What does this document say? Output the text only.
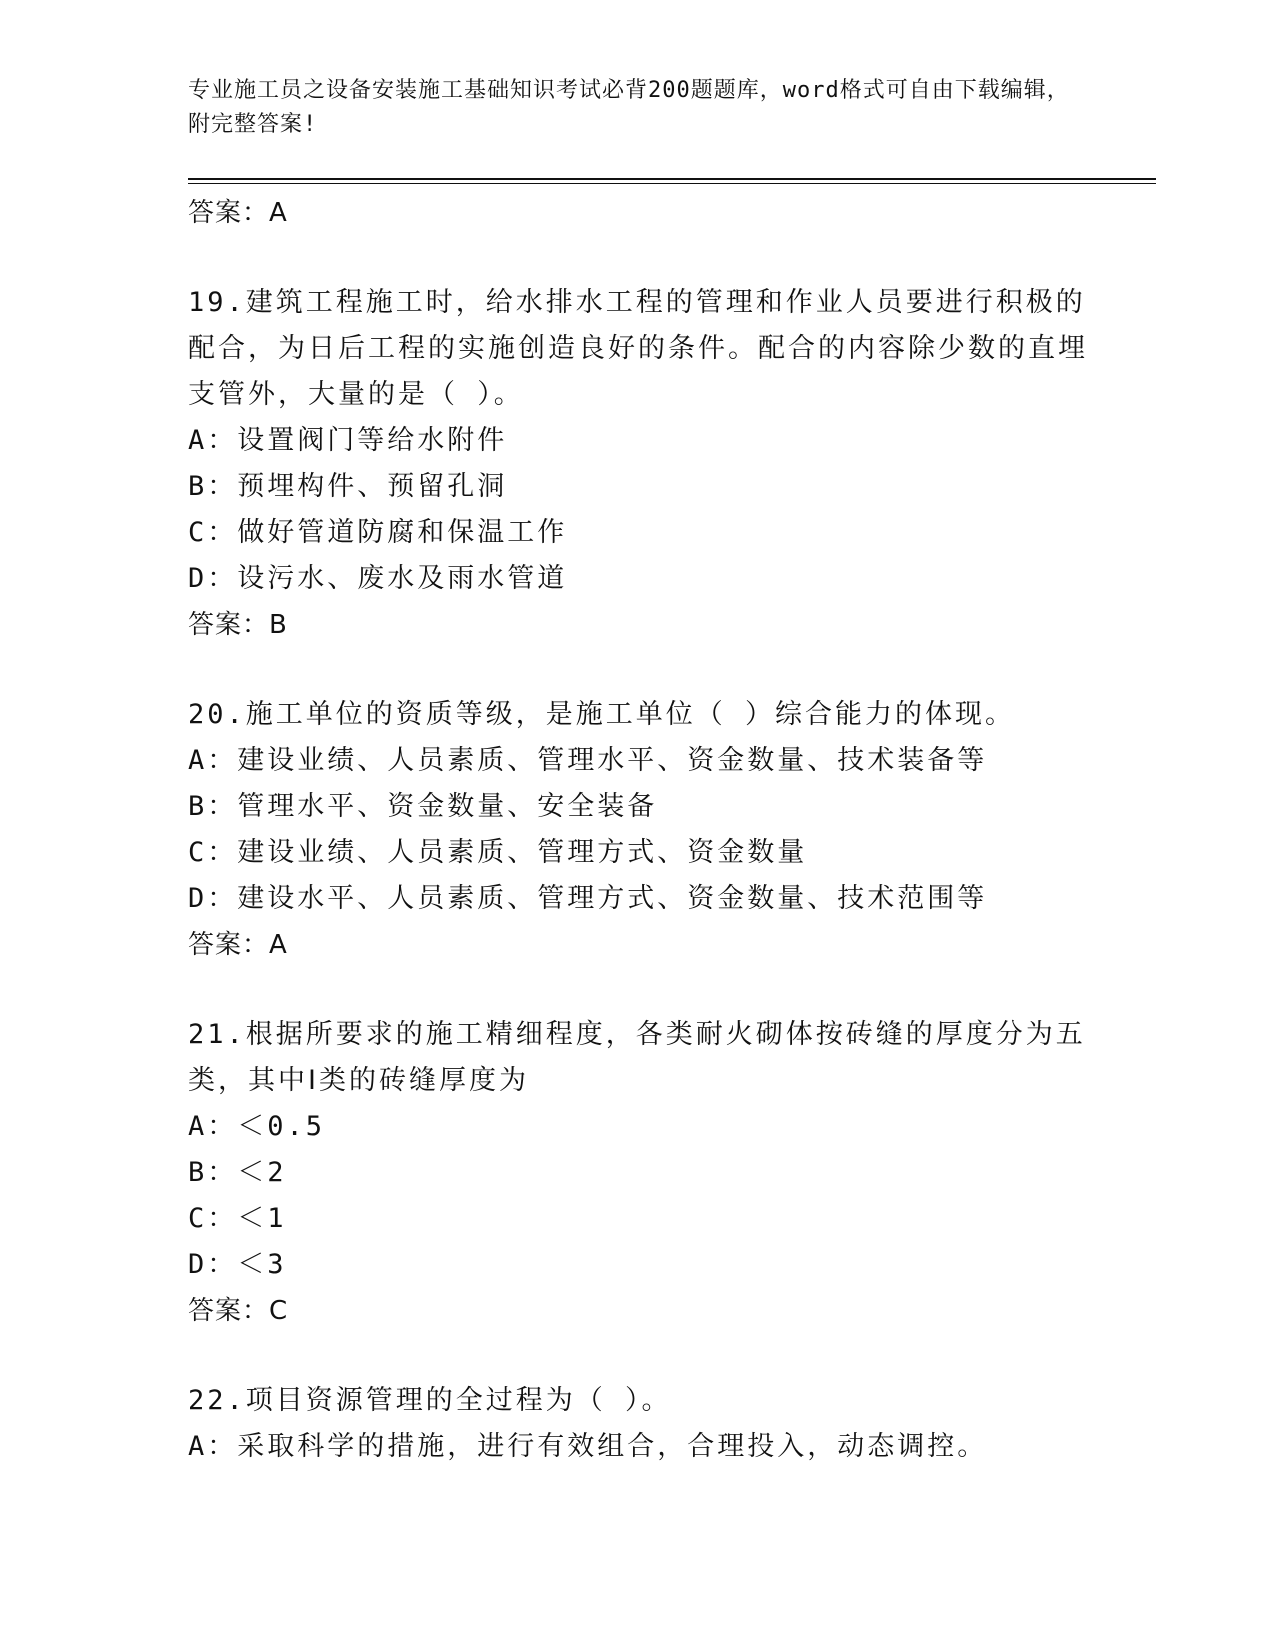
专业施工员之设备安装施工基础知识考试必背200题题库，word格式可自由下载编辑，附完整答案!
答案：A
19.建筑工程施工时，给水排水工程的管理和作业人员要进行积极的配合，为日后工程的实施创造良好的条件。配合的内容除少数的直埋支管外，大量的是（ ）。
A：设置阀门等给水附件
B：预埋构件、预留孔洞
C：做好管道防腐和保温工作
D：设污水、废水及雨水管道
答案：B
20.施工单位的资质等级，是施工单位（ ）综合能力的体现。
A：建设业绩、人员素质、管理水平、资金数量、技术装备等
B：管理水平、资金数量、安全装备
C：建设业绩、人员素质、管理方式、资金数量
D：建设水平、人员素质、管理方式、资金数量、技术范围等
答案：A
21.根据所要求的施工精细程度，各类耐火砌体按砖缝的厚度分为五类，其中Ⅰ类的砖缝厚度为
A：＜0.5
B：＜2
C：＜1
D：＜3
答案：C
22.项目资源管理的全过程为（ ）。
A：采取科学的措施，进行有效组合，合理投入，动态调控。
